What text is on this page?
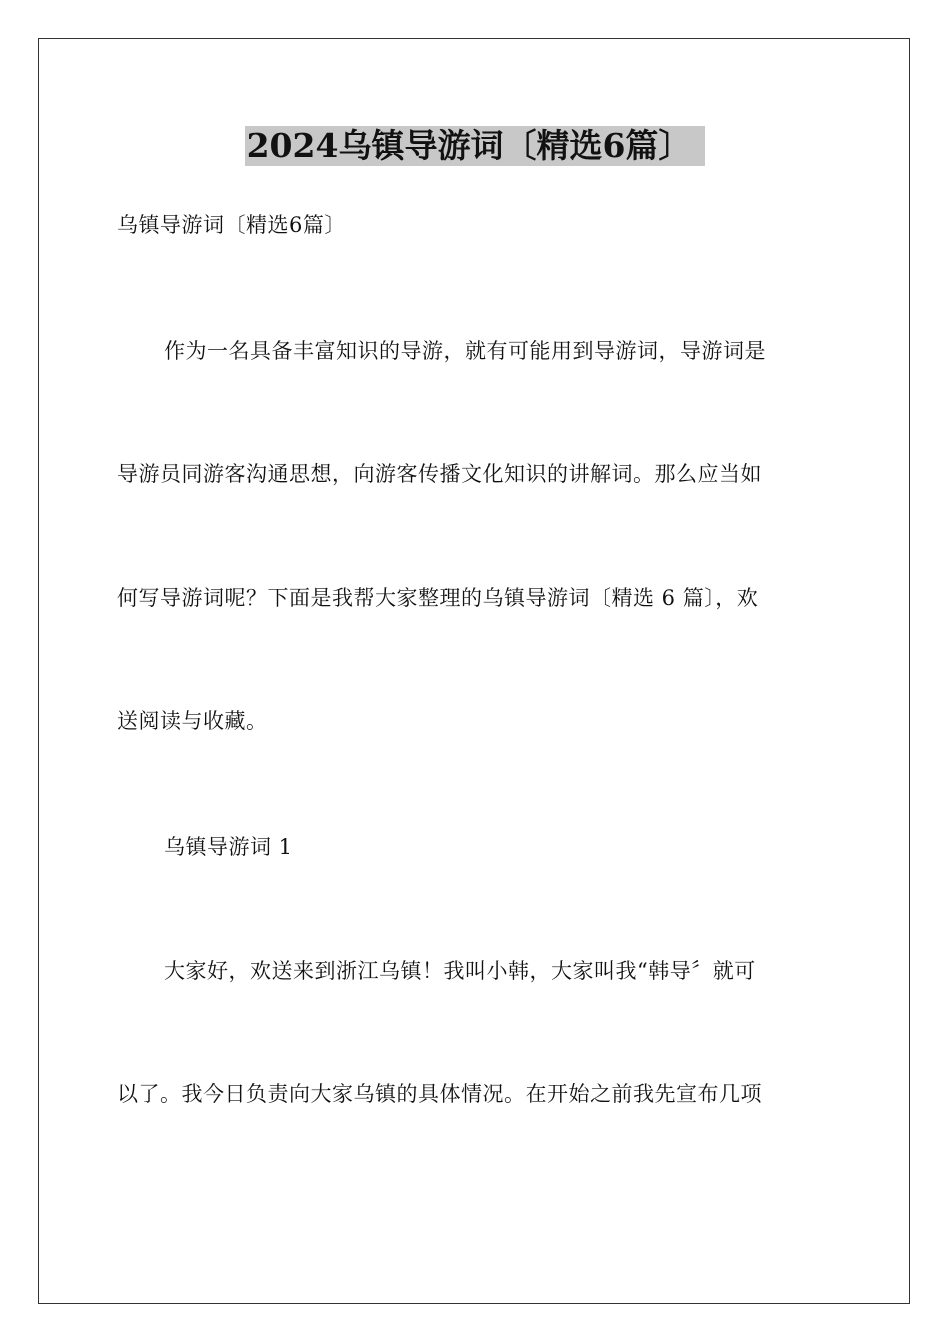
2024乌镇导游词〔精选6篇〕
乌镇导游词〔精选6篇〕
作为一名具备丰富知识的导游，就有可能用到导游词，导游词是
导游员同游客沟通思想，向游客传播文化知识的讲解词。那么应当如
何写导游词呢？下面是我帮大家整理的乌镇导游词〔精选 6 篇〕，欢
送阅读与收藏。
乌镇导游词 1
大家好，欢送来到浙江乌镇！我叫小韩，大家叫我“韩导〞就可
以了。我今日负责向大家乌镇的具体情况。在开始之前我先宣布几项
